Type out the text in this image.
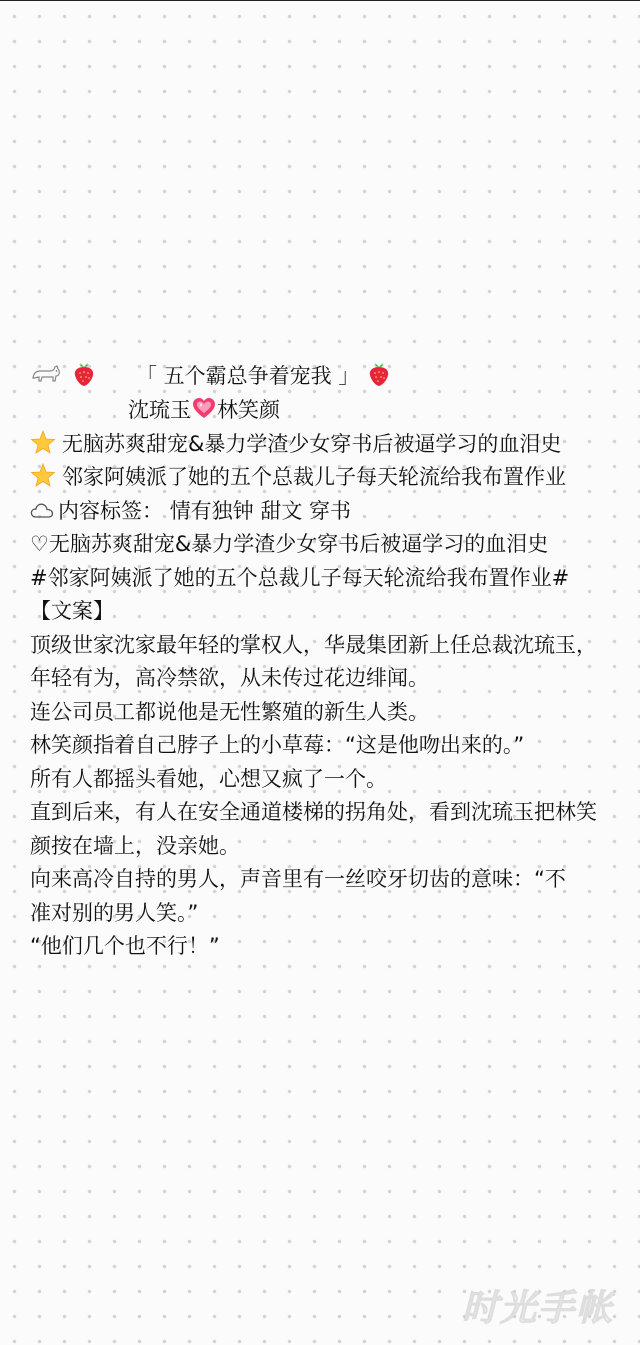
「 五个霸总争着宠我 」
沈琉玉 林笑颜
无脑苏爽甜宠&暴力学渣少女穿书后被逼学习的血泪史
邻家阿姨派了她的五个总裁儿子每天轮流给我布置作业
内容标签： 情有独钟 甜文 穿书
♡无脑苏爽甜宠&暴力学渣少女穿书后被逼学习的血泪史
#邻家阿姨派了她的五个总裁儿子每天轮流给我布置作业#
【文案】
顶级世家沈家最年轻的掌权人，华晟集团新上任总裁沈琉玉，年轻有为，高冷禁欲，从未传过花边绯闻。
连公司员工都说他是无性繁殖的新生人类。
林笑颜指着自己脖子上的小草莓：“这是他吻出来的。”
所有人都摇头看她，心想又疯了一个。
直到后来，有人在安全通道楼梯的拐角处，看到沈琉玉把林笑颜按在墙上，没亲她。
向来高冷自持的男人，声音里有一丝咬牙切齿的意味：“不准对别的男人笑。”
“他们几个也不行！”
时光手帐
